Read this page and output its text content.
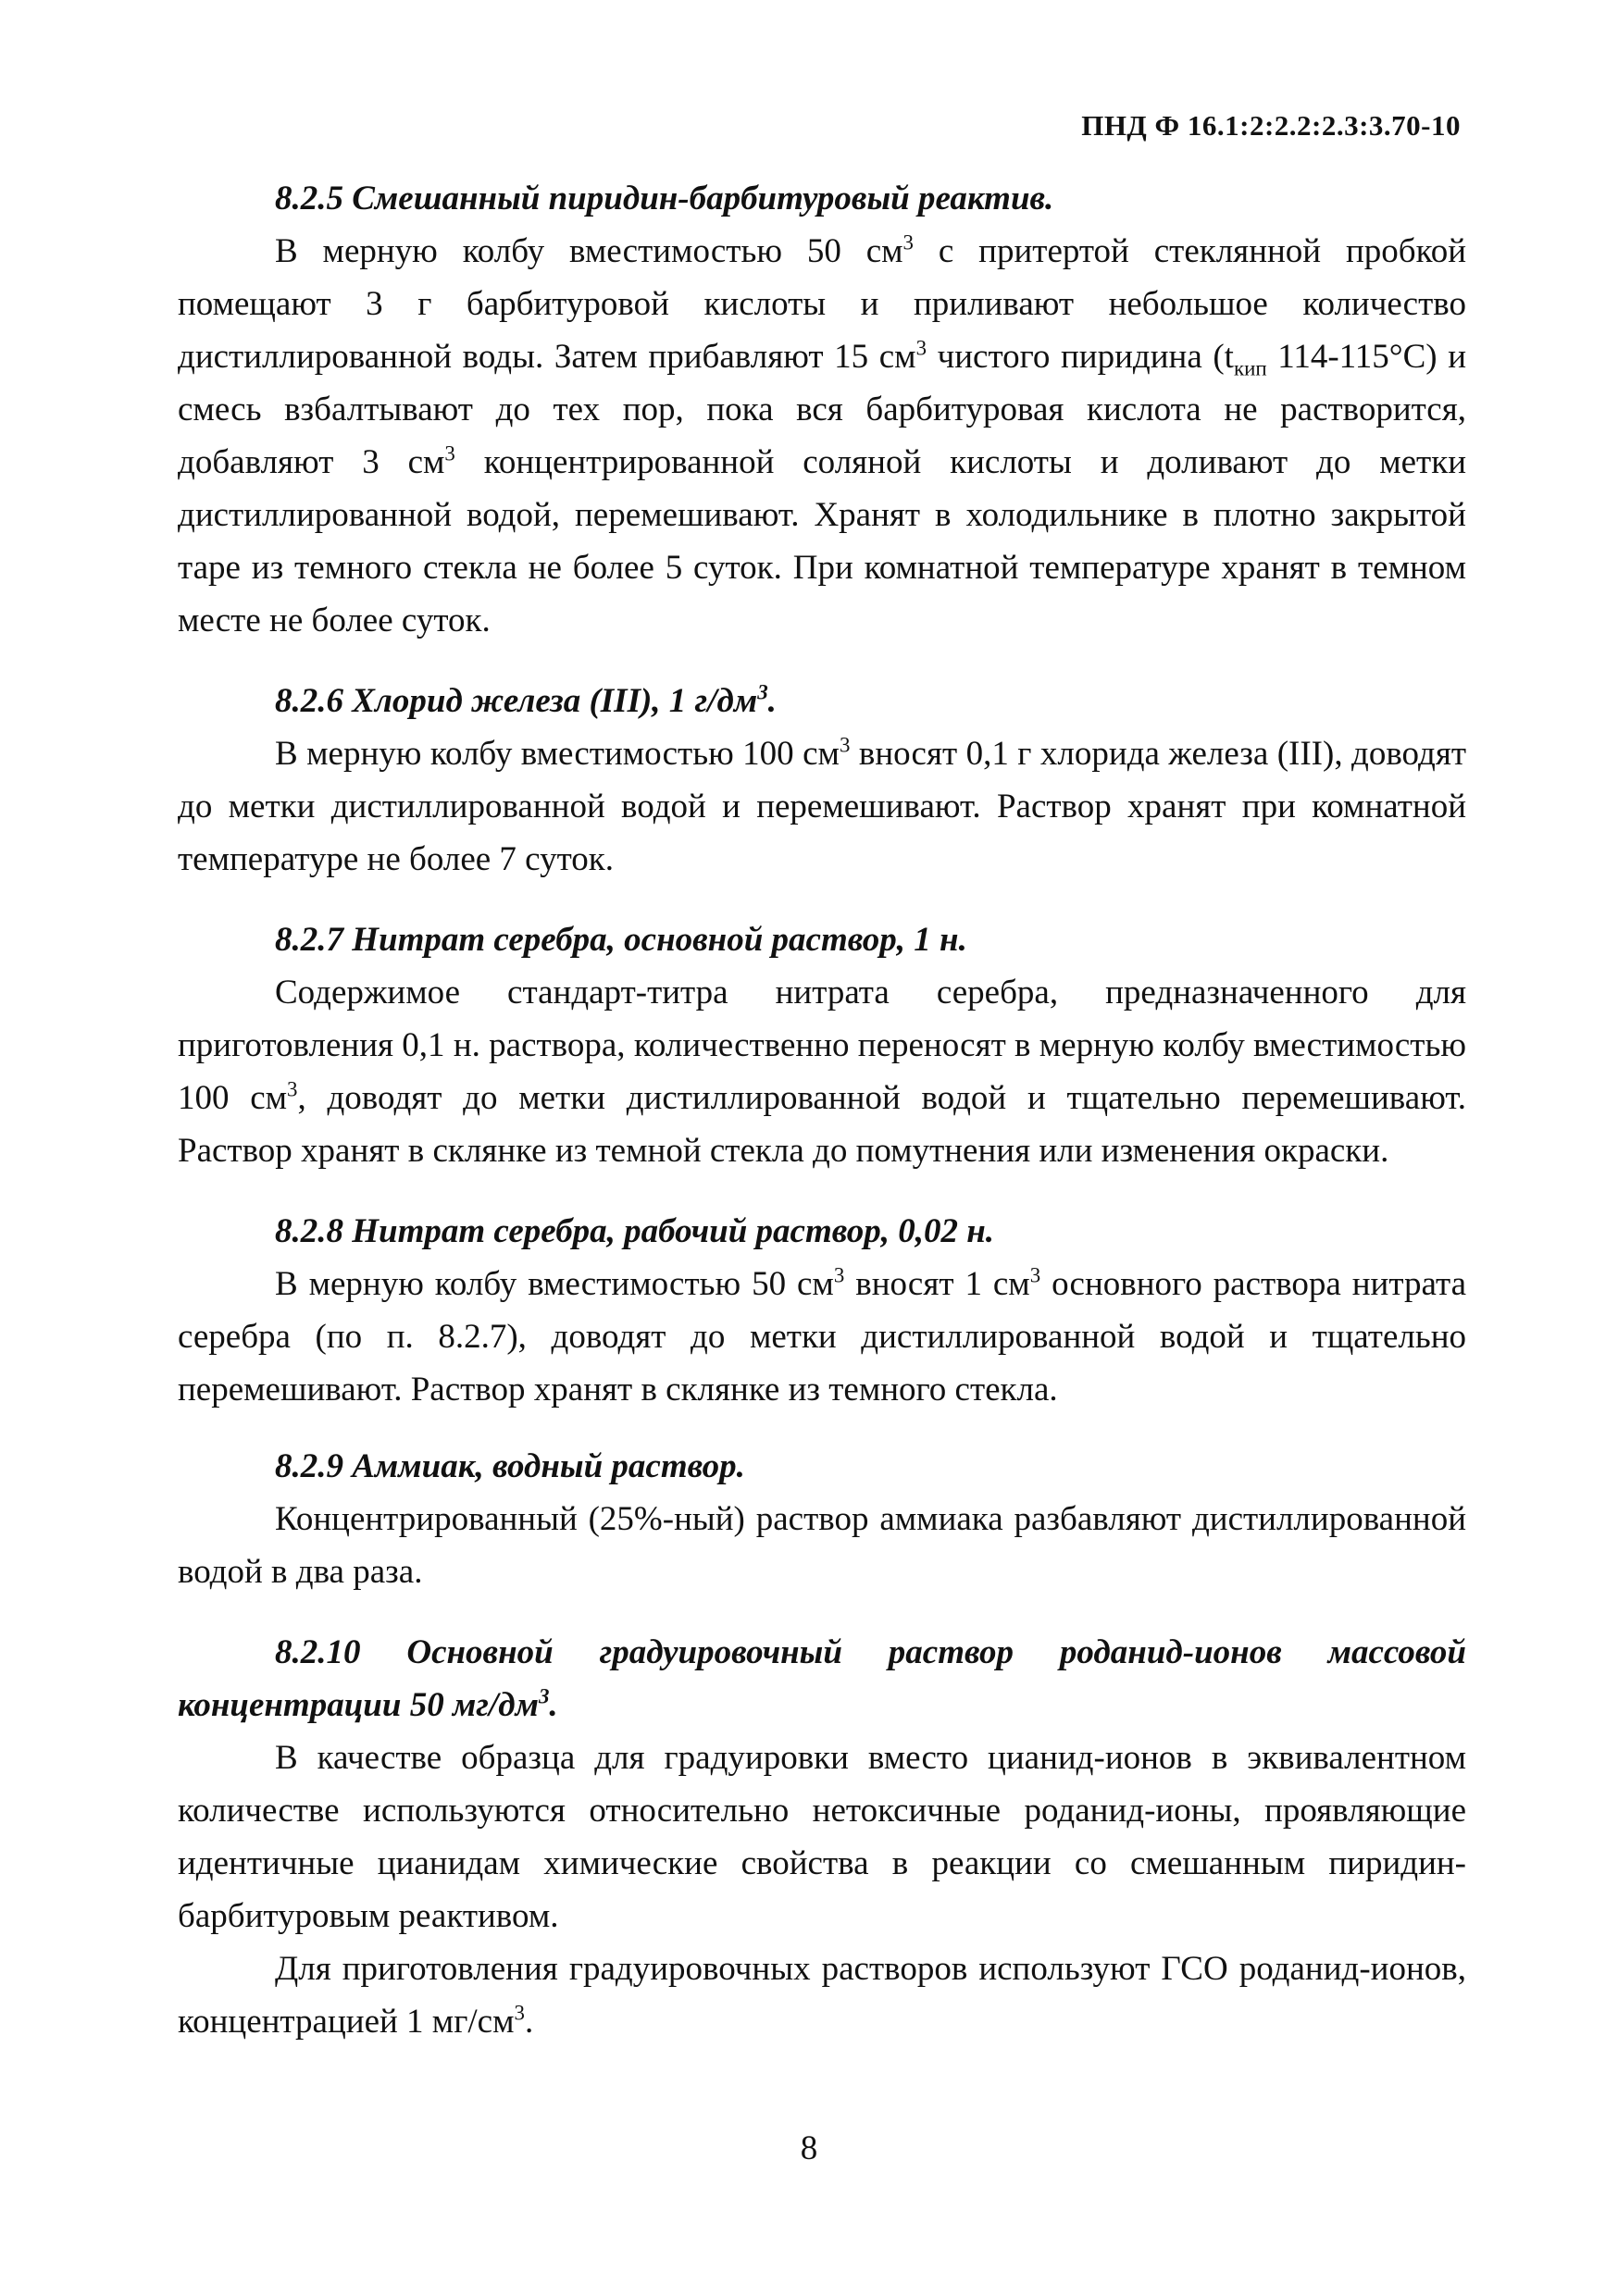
ПНД Ф 16.1:2:2.2:2.3:3.70-10

8.2.5 Смешанный пиридин-барбитуровый реактив.

В мерную колбу вместимостью 50 $см^3$ с притертой стеклянной пробкой помещают 3 г барбитуровой кислоты и приливают небольшое количество дистиллированной воды. Затем прибавляют 15 $см^3$ чистого пиридина ($t_{кип}$ 114-115°С) и смесь взбалтывают до тех пор, пока вся барбитуровая кислота не растворится, добавляют 3 $см^3$ концентрированной соляной кислоты и доливают до метки дистиллированной водой, перемешивают. Хранят в холодильнике в плотно закрытой таре из темного стекла не более 5 суток. При комнатной температуре хранят в темном месте не более суток.

8.2.6 Хлорид железа (III), 1 $г/дм^3$.

В мерную колбу вместимостью 100 $см^3$ вносят 0,1 г хлорида железа (III), доводят до метки дистиллированной водой и перемешивают. Раствор хранят при комнатной температуре не более 7 суток.

8.2.7 Нитрат серебра, основной раствор, 1 н.

Содержимое стандарт-титра нитрата серебра, предназначенного для приготовления 0,1 н. раствора, количественно переносят в мерную колбу вместимостью 100 $см^3$, доводят до метки дистиллированной водой и тщательно перемешивают. Раствор хранят в склянке из темной стекла до помутнения или изменения окраски.

8.2.8 Нитрат серебра, рабочий раствор, 0,02 н.

В мерную колбу вместимостью 50 $см^3$ вносят 1 $см^3$ основного раствора нитрата серебра (по п. 8.2.7), доводят до метки дистиллированной водой и тщательно перемешивают. Раствор хранят в склянке из темного стекла.

8.2.9 Аммиак, водный раствор.

Концентрированный (25%-ный) раствор аммиака разбавляют дистиллированной водой в два раза.

8.2.10 Основной градуировочный раствор роданид-ионов массовой концентрации 50 $мг/дм^3$.

В качестве образца для градуировки вместо цианид-ионов в эквивалентном количестве используются относительно нетоксичные роданид-ионы, проявляющие идентичные цианидам химические свойства в реакции со смешанным пиридин-барбитуровым реактивом.

Для приготовления градуировочных растворов используют ГСО роданид-ионов, концентрацией 1 $мг/см^3$.

8
